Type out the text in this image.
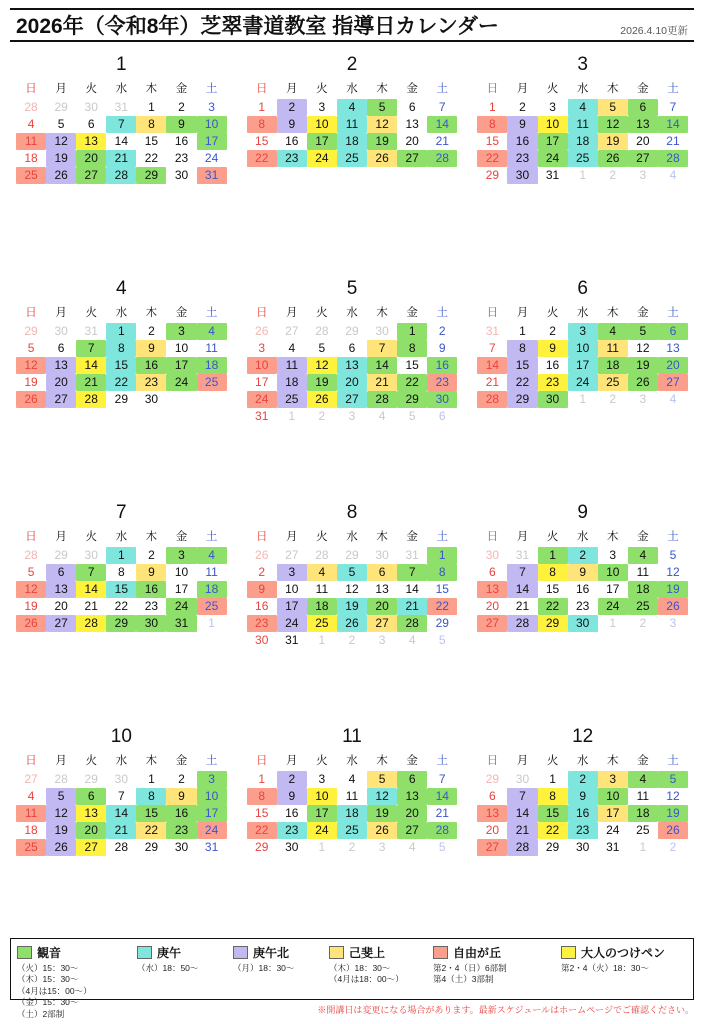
2026年（令和8年）芝翠書道教室 指導日カレンダー	2026.4.10更新
1
日	月	火	水	木	金	土

28	29	30	31	1	2	3

4	5	6	7	8	9	10

11	12	13	14	15	16	17

18	19	20	21	22	23	24

25	26	27	28	29	30	31
2
日	月	火	水	木	金	土

1	2	3	4	5	6	7

8	9	10	11	12	13	14

15	16	17	18	19	20	21

22	23	24	25	26	27	28

3
日	月	火	水	木	金	土

1	2	3	4	5	6	7

8	9	10	11	12	13	14

15	16	17	18	19	20	21

22	23	24	25	26	27	28

29	30	31	1	2	3	4
4
日	月	火	水	木	金	土

29	30	31	1	2	3	4

5	6	7	8	9	10	11

12	13	14	15	16	17	18

19	20	21	22	23	24	25

26	27	28	29	30		

5
日	月	火	水	木	金	土

26	27	28	29	30	1	2

3	4	5	6	7	8	9

10	11	12	13	14	15	16

17	18	19	20	21	22	23

24	25	26	27	28	29	30

31	1	2	3	4	5	6
6
日	月	火	水	木	金	土

31	1	2	3	4	5	6

7	8	9	10	11	12	13

14	15	16	17	18	19	20

21	22	23	24	25	26	27

28	29	30	1	2	3	4
7
日	月	火	水	木	金	土

28	29	30	1	2	3	4

5	6	7	8	9	10	11

12	13	14	15	16	17	18

19	20	21	22	23	24	25

26	27	28	29	30	31	1
8
日	月	火	水	木	金	土

26	27	28	29	30	31	1

2	3	4	5	6	7	8

9	10	11	12	13	14	15

16	17	18	19	20	21	22

23	24	25	26	27	28	29

30	31	1	2	3	4	5
9
日	月	火	水	木	金	土

30	31	1	2	3	4	5

6	7	8	9	10	11	12

13	14	15	16	17	18	19

20	21	22	23	24	25	26

27	28	29	30	1	2	3
10
日	月	火	水	木	金	土

27	28	29	30	1	2	3

4	5	6	7	8	9	10

11	12	13	14	15	16	17

18	19	20	21	22	23	24

25	26	27	28	29	30	31
11
日	月	火	水	木	金	土

1	2	3	4	5	6	7

8	9	10	11	12	13	14

15	16	17	18	19	20	21

22	23	24	25	26	27	28

29	30	1	2	3	4	5
12
日	月	火	水	木	金	土

29	30	1	2	3	4	5

6	7	8	9	10	11	12

13	14	15	16	17	18	19

20	21	22	23	24	25	26

27	28	29	30	31	1	2
観音
（火）15：30～
（木）15：30～
（4月は15：00～）
（金）15：30～
（土）2部制
庚午
（水）18：50～
庚午北
（月）18：30～
己斐上
（木）18：30～
（4月は18：00～）
自由が丘
第2・4（日）6部制
第4（土）3部制
大人のつけペン
第2・4（火）18：30～
※開講日は変更になる場合があります。最新スケジュールはホームページでご確認ください。
